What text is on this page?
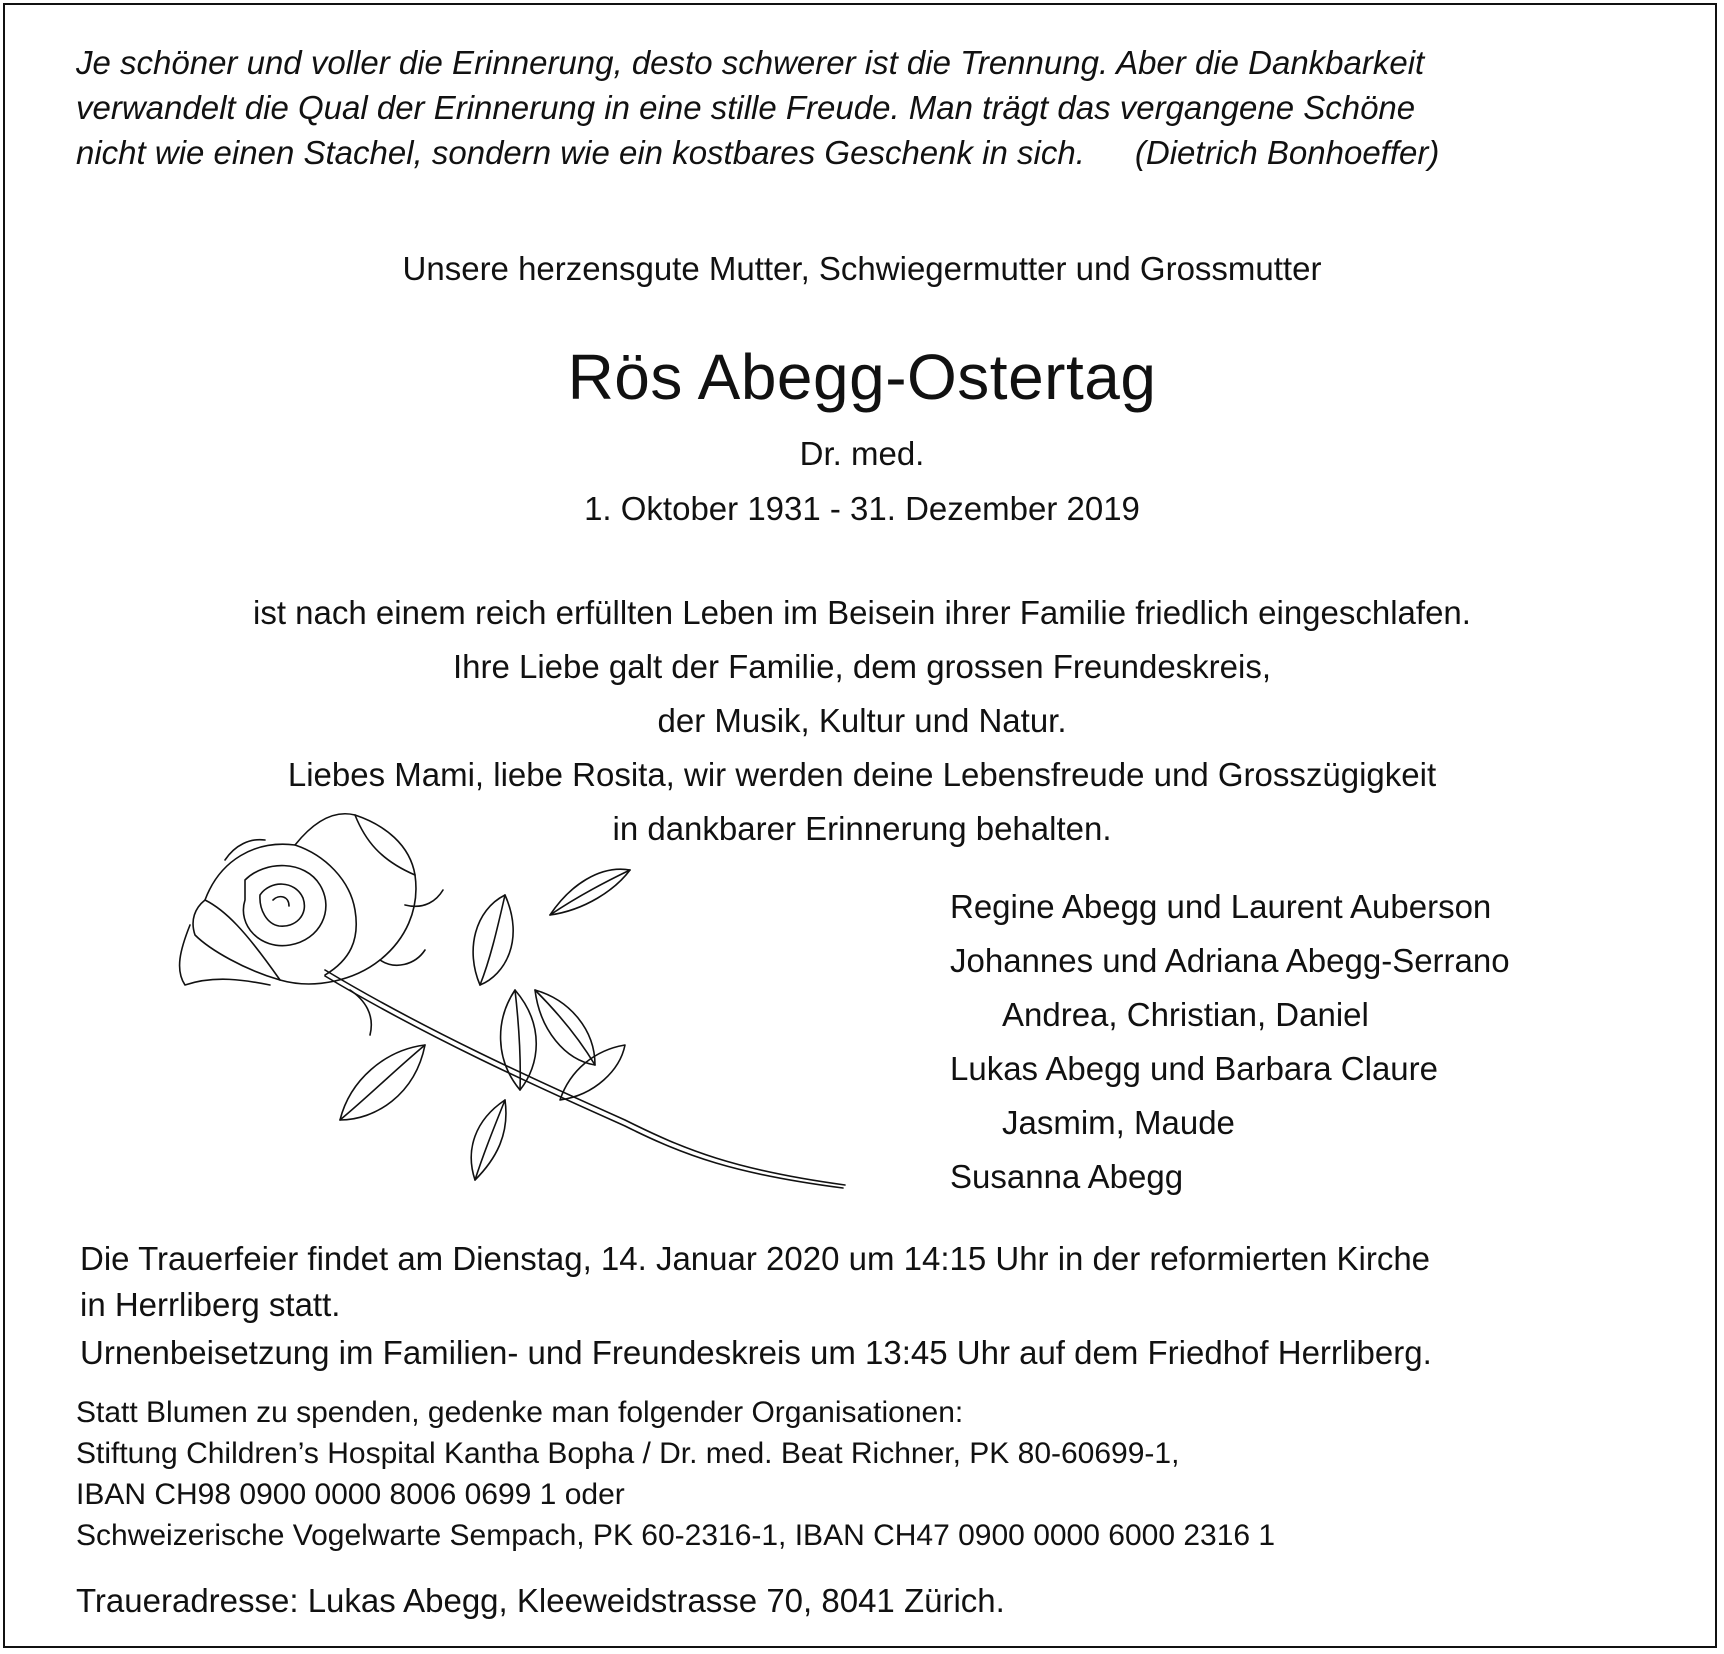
Je schöner und voller die Erinnerung, desto schwerer ist die Trennung. Aber die Dankbarkeit
verwandelt die Qual der Erinnerung in eine stille Freude. Man trägt das vergangene Schöne
nicht wie einen Stachel, sondern wie ein kostbares Geschenk in sich. (Dietrich Bonhoeffer)
Unsere herzensgute Mutter, Schwiegermutter und Grossmutter
Rös Abegg-Ostertag
Dr. med.
1. Oktober 1931 - 31. Dezember 2019
ist nach einem reich erfüllten Leben im Beisein ihrer Familie friedlich eingeschlafen.
Ihre Liebe galt der Familie, dem grossen Freundeskreis,
der Musik, Kultur und Natur.
Liebes Mami, liebe Rosita, wir werden deine Lebensfreude und Grosszügigkeit
in dankbarer Erinnerung behalten.
Regine Abegg und Laurent Auberson
Johannes und Adriana Abegg-Serrano
Andrea, Christian, Daniel
Lukas Abegg und Barbara Claure
Jasmim, Maude
Susanna Abegg
Die Trauerfeier findet am Dienstag, 14. Januar 2020 um 14:15 Uhr in der reformierten Kirche
in Herrliberg statt.
Urnenbeisetzung im Familien- und Freundeskreis um 13:45 Uhr auf dem Friedhof Herrliberg.
Statt Blumen zu spenden, gedenke man folgender Organisationen:
Stiftung Children’s Hospital Kantha Bopha / Dr. med. Beat Richner, PK 80-60699-1,
IBAN CH98 0900 0000 8006 0699 1 oder
Schweizerische Vogelwarte Sempach, PK 60-2316-1, IBAN CH47 0900 0000 6000 2316 1
Traueradresse: Lukas Abegg, Kleeweidstrasse 70, 8041 Zürich.
